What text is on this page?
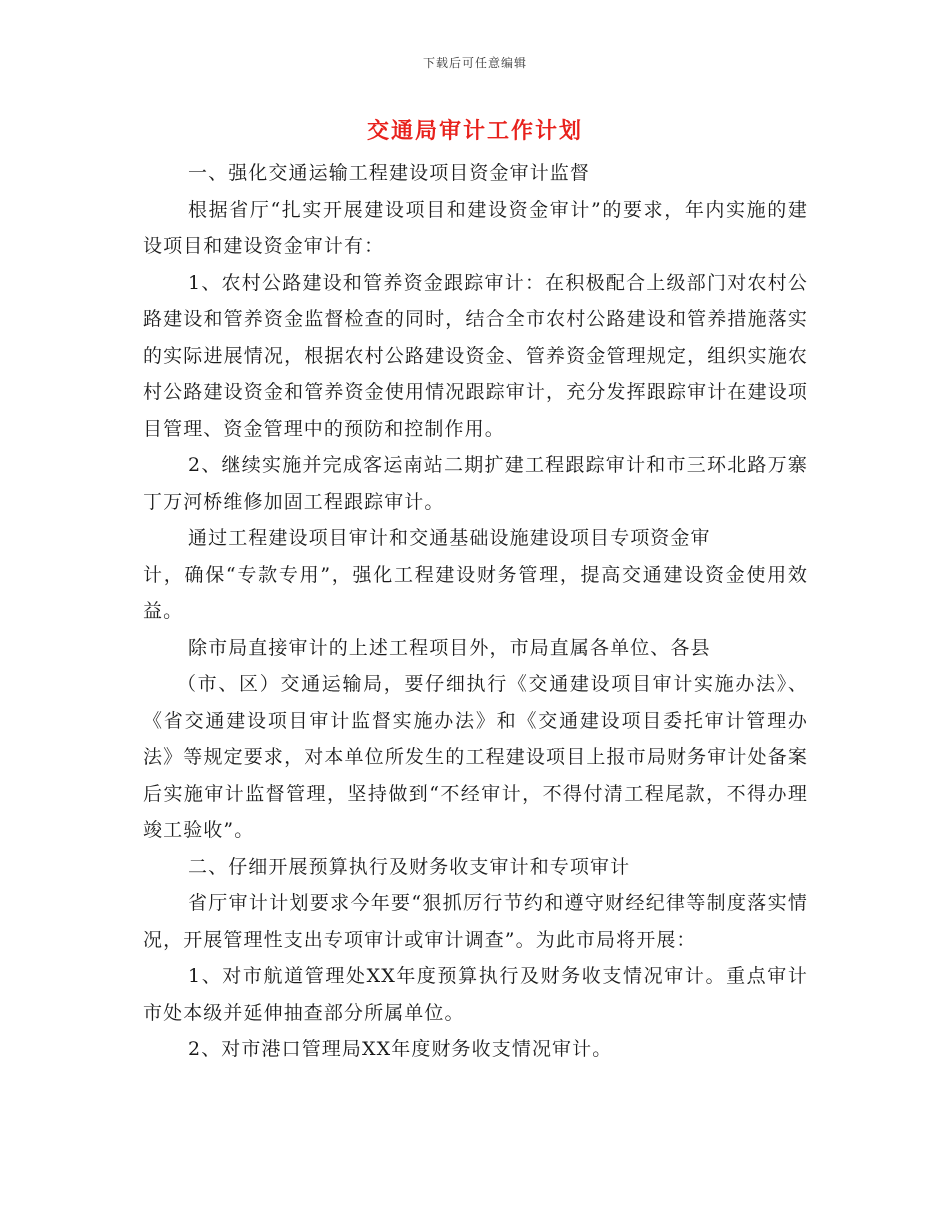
下载后可任意编辑
交通局审计工作计划

一、强化交通运输工程建设项目资金审计监督

根据省厅“扎实开展建设项目和建设资金审计”的要求，年内实施的建设项目和建设资金审计有：

1、农村公路建设和管养资金跟踪审计：在积极配合上级部门对农村公路建设和管养资金监督检查的同时，结合全市农村公路建设和管养措施落实的实际进展情况，根据农村公路建设资金、管养资金管理规定，组织实施农村公路建设资金和管养资金使用情况跟踪审计，充分发挥跟踪审计在建设项目管理、资金管理中的预防和控制作用。

2、继续实施并完成客运南站二期扩建工程跟踪审计和市三环北路万寨丁万河桥维修加固工程跟踪审计。

通过工程建设项目审计和交通基础设施建设项目专项资金审

计，确保“专款专用”，强化工程建设财务管理，提高交通建设资金使用效益。

除市局直接审计的上述工程项目外，市局直属各单位、各县

（市、区）交通运输局，要仔细执行《交通建设项目审计实施办法》、《省交通建设项目审计监督实施办法》和《交通建设项目委托审计管理办法》等规定要求，对本单位所发生的工程建设项目上报市局财务审计处备案后实施审计监督管理，坚持做到“不经审计，不得付清工程尾款，不得办理竣工验收”。

二、仔细开展预算执行及财务收支审计和专项审计

省厅审计计划要求今年要“狠抓厉行节约和遵守财经纪律等制度落实情况，开展管理性支出专项审计或审计调查”。为此市局将开展：

1、对市航道管理处XX年度预算执行及财务收支情况审计。重点审计市处本级并延伸抽查部分所属单位。

2、对市港口管理局XX年度财务收支情况审计。
